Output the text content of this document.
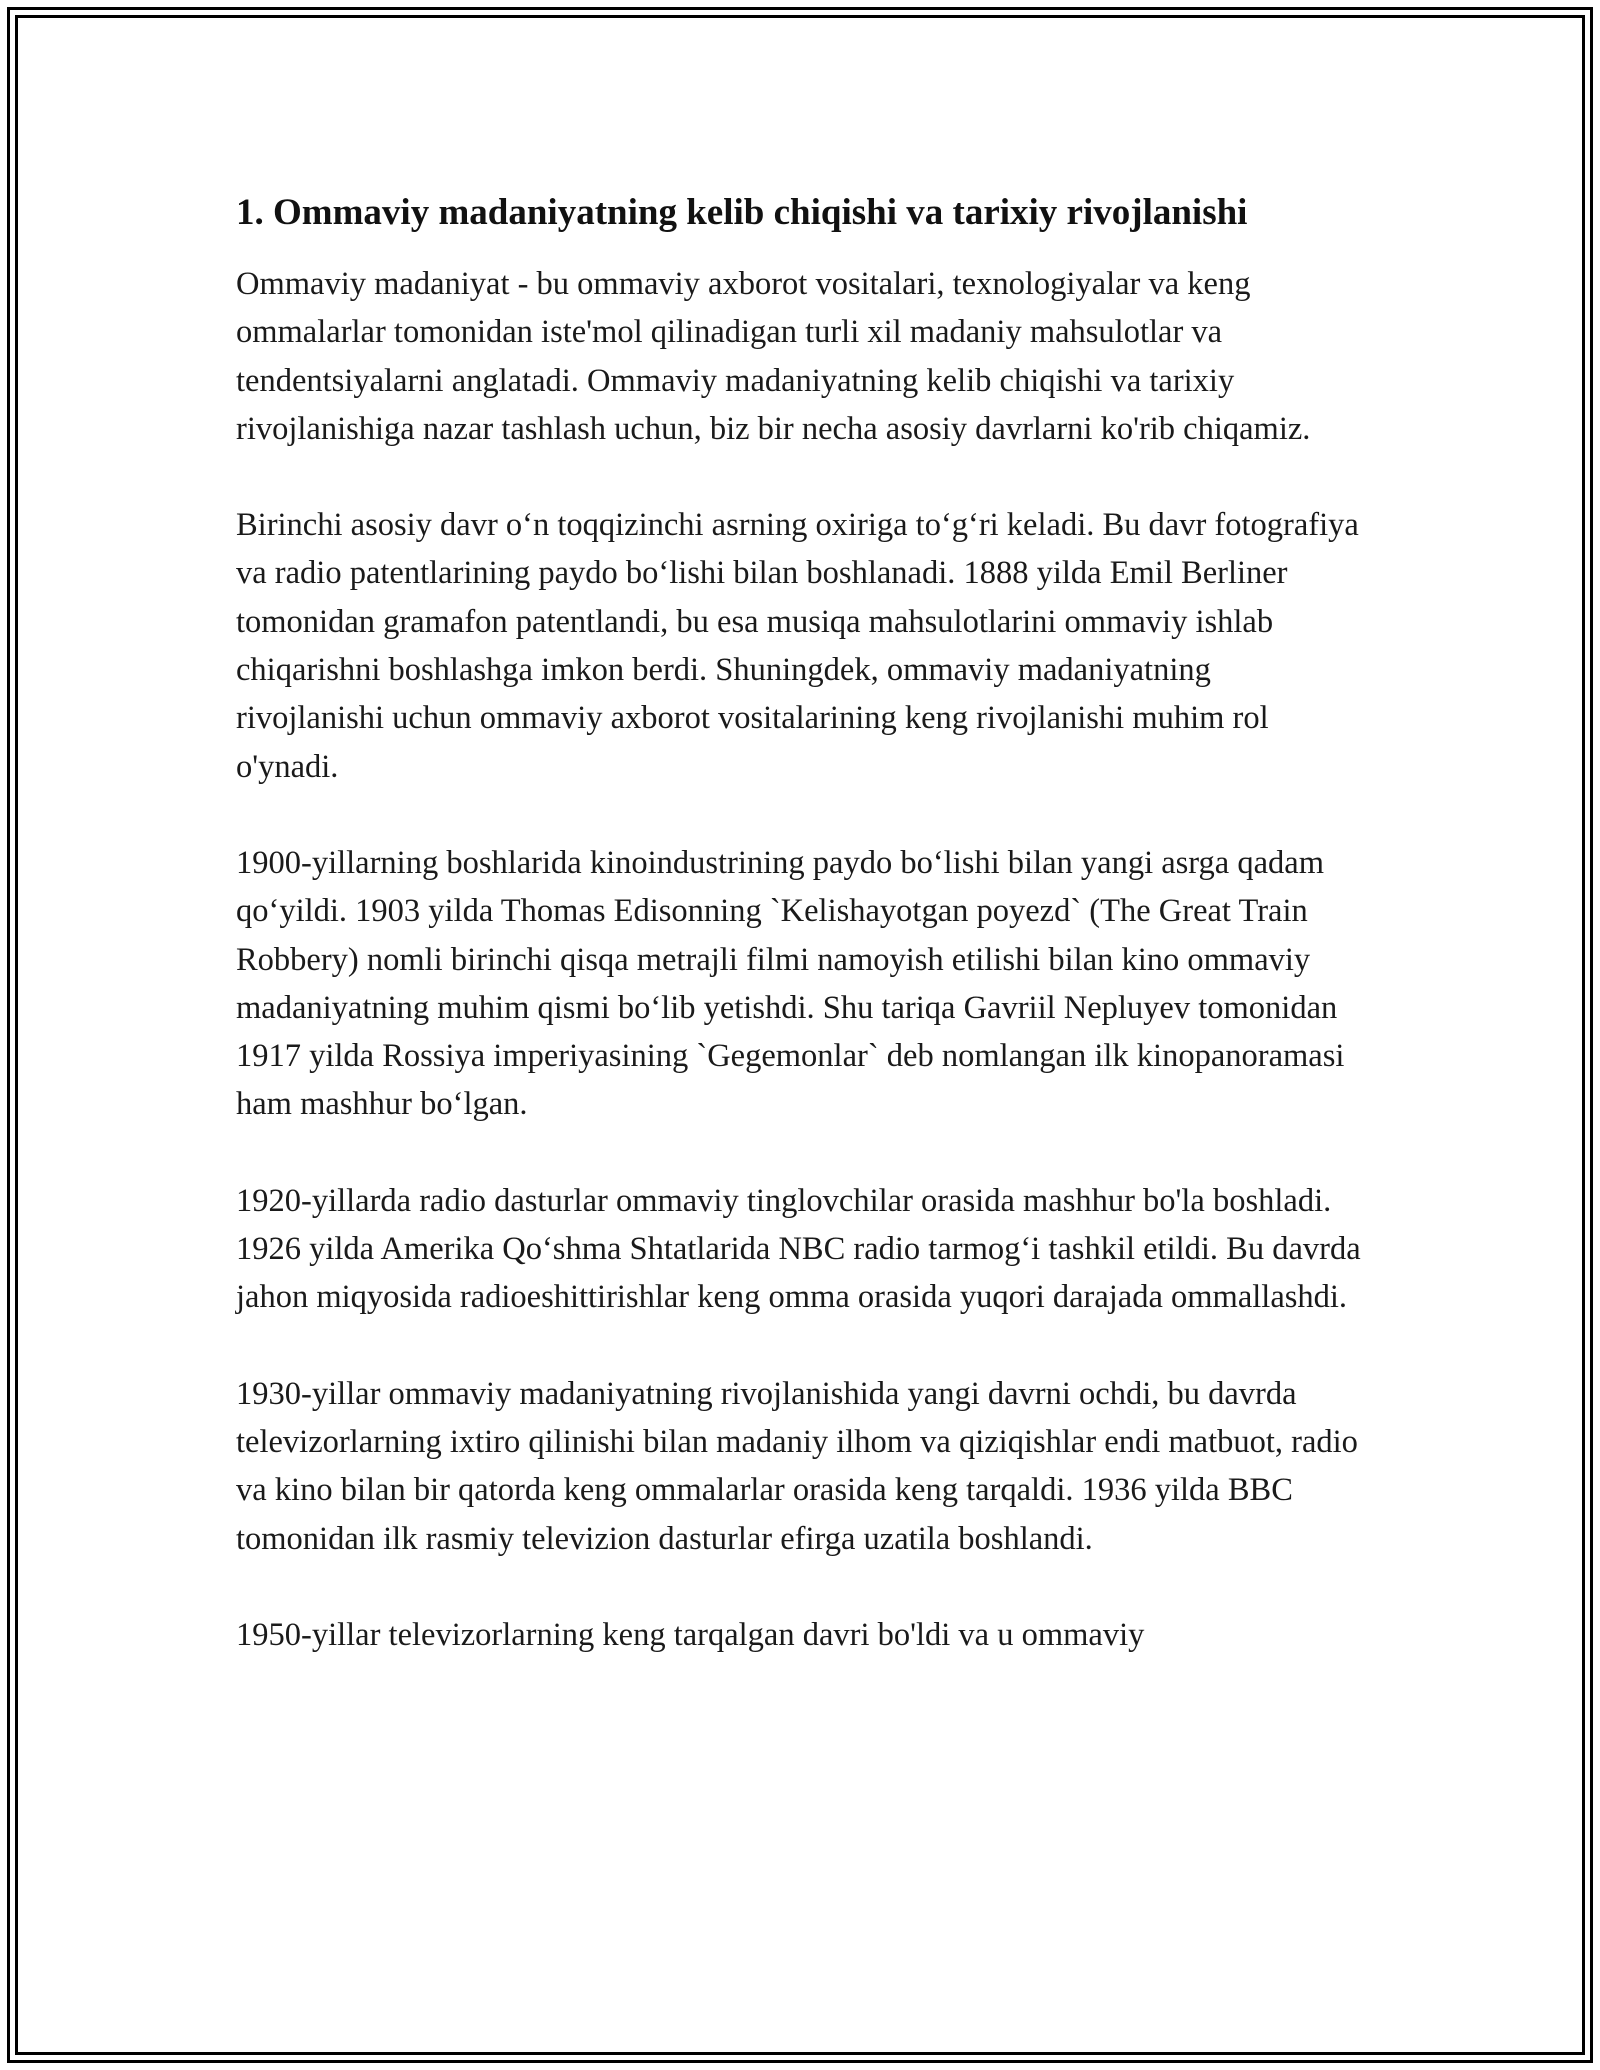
1. Ommaviy madaniyatning kelib chiqishi va tarixiy rivojlanishi

Ommaviy madaniyat - bu ommaviy axborot vositalari, texnologiyalar va keng ommalarlar tomonidan iste'mol qilinadigan turli xil madaniy mahsulotlar va tendentsiyalarni anglatadi. Ommaviy madaniyatning kelib chiqishi va tarixiy rivojlanishiga nazar tashlash uchun, biz bir necha asosiy davrlarni ko'rib chiqamiz.

Birinchi asosiy davr o‘n toqqizinchi asrning oxiriga to‘g‘ri keladi. Bu davr fotografiya va radio patentlarining paydo bo‘lishi bilan boshlanadi. 1888 yilda Emil Berliner tomonidan gramafon patentlandi, bu esa musiqa mahsulotlarini ommaviy ishlab chiqarishni boshlashga imkon berdi. Shuningdek, ommaviy madaniyatning rivojlanishi uchun ommaviy axborot vositalarining keng rivojlanishi muhim rol o'ynadi.

1900-yillarning boshlarida kinoindustrining paydo bo‘lishi bilan yangi asrga qadam qo‘yildi. 1903 yilda Thomas Edisonning `Kelishayotgan poyezd` (The Great Train Robbery) nomli birinchi qisqa metrajli filmi namoyish etilishi bilan kino ommaviy madaniyatning muhim qismi bo‘lib yetishdi. Shu tariqa Gavriil Nepluyev tomonidan 1917 yilda Rossiya imperiyasining `Gegemonlar` deb nomlangan ilk kinopanoramasi ham mashhur bo‘lgan.

1920-yillarda radio dasturlar ommaviy tinglovchilar orasida mashhur bo'la boshladi. 1926 yilda Amerika Qo‘shma Shtatlarida NBC radio tarmog‘i tashkil etildi. Bu davrda jahon miqyosida radioeshittirishlar keng omma orasida yuqori darajada ommallashdi.

1930-yillar ommaviy madaniyatning rivojlanishida yangi davrni ochdi, bu davrda televizorlarning ixtiro qilinishi bilan madaniy ilhom va qiziqishlar endi matbuot, radio va kino bilan bir qatorda keng ommalarlar orasida keng tarqaldi. 1936 yilda BBC tomonidan ilk rasmiy televizion dasturlar efirga uzatila boshlandi.

1950-yillar televizorlarning keng tarqalgan davri bo'ldi va u ommaviy
